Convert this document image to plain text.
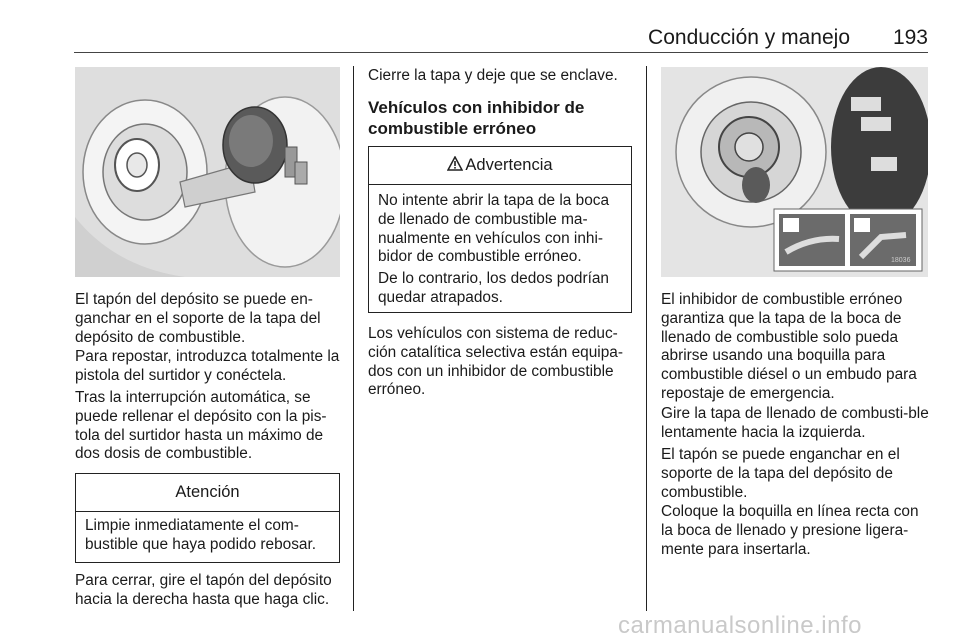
Conducción y manejo	193
18036

El tapón del depósito se puede en-ganchar en el soporte de la tapa del depósito de combustible.

Para repostar, introduzca totalmente la pistola del surtidor y conéctela.

Tras la interrupción automática, se puede rellenar el depósito con la pis-tola del surtidor hasta un máximo de dos dosis de combustible.

Atención
Limpie inmediatamente el com-bustible que haya podido rebosar.

Para cerrar, gire el tapón del depósito hacia la derecha hasta que haga clic.

Cierre la tapa y deje que se enclave.

Vehículos con inhibidor de combustible erróneo
Advertencia
No intente abrir la tapa de la boca de llenado de combustible ma-nualmente en vehículos con inhi-bidor de combustible erróneo.
De lo contrario, los dedos podrían quedar atrapados.

Los vehículos con sistema de reduc-ción catalítica selectiva están equipa-dos con un inhibidor de combustible erróneo.

El inhibidor de combustible erróneo garantiza que la tapa de la boca de llenado de combustible solo pueda abrirse usando una boquilla para combustible diésel o un embudo para repostaje de emergencia.

Gire la tapa de llenado de combusti-ble lentamente hacia la izquierda.

El tapón se puede enganchar en el soporte de la tapa del depósito de combustible.

Coloque la boquilla en línea recta con la boca de llenado y presione ligera-mente para insertarla.

carmanualsonline.info
